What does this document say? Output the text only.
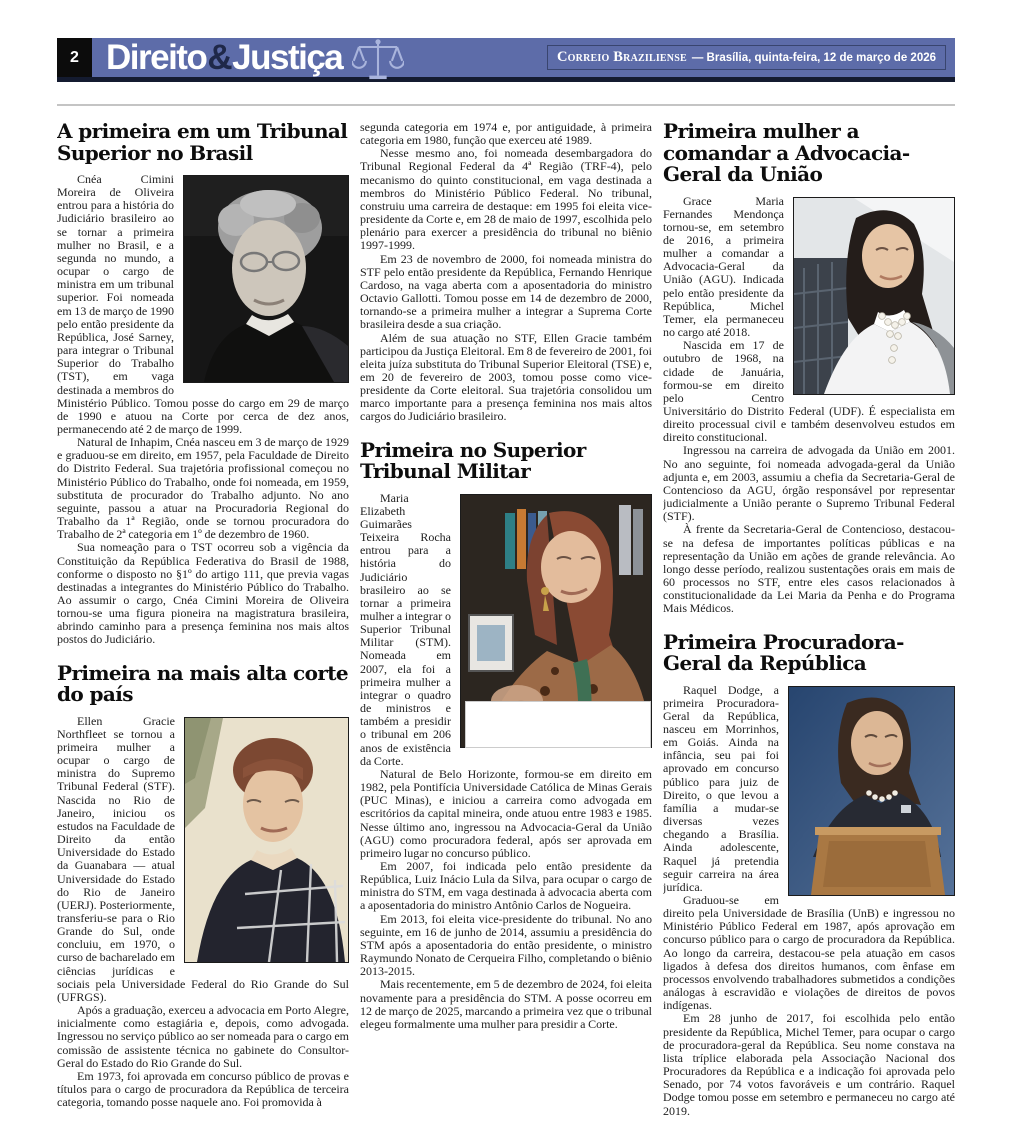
2 Direito & Justiça	Correio Braziliense — Brasília, quinta-feira, 12 de março de 2026
A primeira em um Tribunal Superior no Brasil

Cnéa Cimini Moreira de Oliveira entrou para a história do Judiciário brasileiro ao se tornar a primeira mulher no Brasil, e a segunda no mundo, a ocupar o cargo de ministra em um tribunal superior. Foi nomeada em 13 de março de 1990 pelo então presidente da República, José Sarney, para integrar o Tribunal Superior do Trabalho (TST), em vaga destinada a membros do Ministério Público. Tomou posse do cargo em 29 de março de 1990 e atuou na Corte por cerca de dez anos, permanecendo até 2 de março de 1999.

Natural de Inhapim, Cnéa nasceu em 3 de março de 1929 e graduou-se em direito, em 1957, pela Faculdade de Direito do Distrito Federal. Sua trajetória profissional começou no Ministério Público do Trabalho, onde foi nomeada, em 1959, substituta de procurador do Trabalho adjunto. No ano seguinte, passou a atuar na Procuradoria Regional do Trabalho da 1ª Região, onde se tornou procuradora do Trabalho de 2ª categoria em 1º de dezembro de 1960.

Sua nomeação para o TST ocorreu sob a vigência da Constituição da República Federativa do Brasil de 1988, conforme o disposto no §1º do artigo 111, que previa vagas destinadas a integrantes do Ministério Público do Trabalho. Ao assumir o cargo, Cnéa Cimini Moreira de Oliveira tornou-se uma figura pioneira na magistratura brasileira, abrindo caminho para a presença feminina nos mais altos postos do Judiciário.

Primeira na mais alta corte do país

Ellen Gracie Northfleet se tornou a primeira mulher a ocupar o cargo de ministra do Supremo Tribunal Federal (STF). Nascida no Rio de Janeiro, iniciou os estudos na Faculdade de Direito da então Universidade do Estado da Guanabara — atual Universidade do Estado do Rio de Janeiro (UERJ). Posteriormente, transferiu-se para o Rio Grande do Sul, onde concluiu, em 1970, o curso de bacharelado em ciências jurídicas e sociais pela Universidade Federal do Rio Grande do Sul (UFRGS).

Após a graduação, exerceu a advocacia em Porto Alegre, inicialmente como estagiária e, depois, como advogada. Ingressou no serviço público ao ser nomeada para o cargo em comissão de assistente técnica no gabinete do Consultor-Geral do Estado do Rio Grande do Sul.

Em 1973, foi aprovada em concurso público de provas e títulos para o cargo de procuradora da República de terceira categoria, tomando posse naquele ano. Foi promovida à

segunda categoria em 1974 e, por antiguidade, à primeira categoria em 1980, função que exerceu até 1989.

Nesse mesmo ano, foi nomeada desembargadora do Tribunal Regional Federal da 4ª Região (TRF-4), pelo mecanismo do quinto constitucional, em vaga destinada a membros do Ministério Público Federal. No tribunal, construiu uma carreira de destaque: em 1995 foi eleita vice-presidente da Corte e, em 28 de maio de 1997, escolhida pelo plenário para exercer a presidência do tribunal no biênio 1997-1999.

Em 23 de novembro de 2000, foi nomeada ministra do STF pelo então presidente da República, Fernando Henrique Cardoso, na vaga aberta com a aposentadoria do ministro Octavio Gallotti. Tomou posse em 14 de dezembro de 2000, tornando-se a primeira mulher a integrar a Suprema Corte brasileira desde a sua criação.

Além de sua atuação no STF, Ellen Gracie também participou da Justiça Eleitoral. Em 8 de fevereiro de 2001, foi eleita juíza substituta do Tribunal Superior Eleitoral (TSE) e, em 20 de fevereiro de 2003, tomou posse como vice-presidente da Corte eleitoral. Sua trajetória consolidou um marco importante para a presença feminina nos mais altos cargos do Judiciário brasileiro.

Primeira no Superior Tribunal Militar

Maria Elizabeth Guimarães Teixeira Rocha entrou para a história do Judiciário brasileiro ao se tornar a primeira mulher a integrar o Superior Tribunal Militar (STM). Nomeada em 2007, ela foi a primeira mulher a integrar o quadro de ministros e também a presidir o tribunal em 206 anos de existência da Corte.

Natural de Belo Horizonte, formou-se em direito em 1982, pela Pontifícia Universidade Católica de Minas Gerais (PUC Minas), e iniciou a carreira como advogada em escritórios da capital mineira, onde atuou entre 1983 e 1985. Nesse último ano, ingressou na Advocacia-Geral da União (AGU) como procuradora federal, após ser aprovada em primeiro lugar no concurso público.

Em 2007, foi indicada pelo então presidente da República, Luiz Inácio Lula da Silva, para ocupar o cargo de ministra do STM, em vaga destinada à advocacia aberta com a aposentadoria do ministro Antônio Carlos de Nogueira.

Em 2013, foi eleita vice-presidente do tribunal. No ano seguinte, em 16 de junho de 2014, assumiu a presidência do STM após a aposentadoria do então presidente, o ministro Raymundo Nonato de Cerqueira Filho, completando o biênio 2013-2015.

Mais recentemente, em 5 de dezembro de 2024, foi eleita novamente para a presidência do STM. A posse ocorreu em 12 de março de 2025, marcando a primeira vez que o tribunal elegeu formalmente uma mulher para presidir a Corte.

Primeira mulher a comandar a Advocacia-Geral da União

Grace Maria Fernandes Mendonça tornou-se, em setembro de 2016, a primeira mulher a comandar a Advocacia-Geral da União (AGU). Indicada pelo então presidente da República, Michel Temer, ela permaneceu no cargo até 2018.

Nascida em 17 de outubro de 1968, na cidade de Januária, formou-se em direito pelo Centro Universitário do Distrito Federal (UDF). É especialista em direito processual civil e também desenvolveu estudos em direito constitucional.

Ingressou na carreira de advogada da União em 2001. No ano seguinte, foi nomeada advogada-geral da União adjunta e, em 2003, assumiu a chefia da Secretaria-Geral de Contencioso da AGU, órgão responsável por representar judicialmente a União perante o Supremo Tribunal Federal (STF).

À frente da Secretaria-Geral de Contencioso, destacou-se na defesa de importantes políticas públicas e na representação da União em ações de grande relevância. Ao longo desse período, realizou sustentações orais em mais de 60 processos no STF, entre eles casos relacionados à constitucionalidade da Lei Maria da Penha e do Programa Mais Médicos.

Primeira Procuradora-Geral da República

Raquel Dodge, a primeira Procuradora-Geral da República, nasceu em Morrinhos, em Goiás. Ainda na infância, seu pai foi aprovado em concurso público para juiz de Direito, o que levou a família a mudar-se diversas vezes chegando a Brasília. Ainda adolescente, Raquel já pretendia seguir carreira na área jurídica.

Graduou-se em direito pela Universidade de Brasília (UnB) e ingressou no Ministério Público Federal em 1987, após aprovação em concurso público para o cargo de procuradora da República. Ao longo da carreira, destacou-se pela atuação em casos ligados à defesa dos direitos humanos, com ênfase em processos envolvendo trabalhadores submetidos a condições análogas à escravidão e violações de direitos de povos indígenas.

Em 28 junho de 2017, foi escolhida pelo então presidente da República, Michel Temer, para ocupar o cargo de procuradora-geral da República. Seu nome constava na lista tríplice elaborada pela Associação Nacional dos Procuradores da República e a indicação foi aprovada pelo Senado, por 74 votos favoráveis e um contrário. Raquel Dodge tomou posse em setembro e permaneceu no cargo até 2019.
